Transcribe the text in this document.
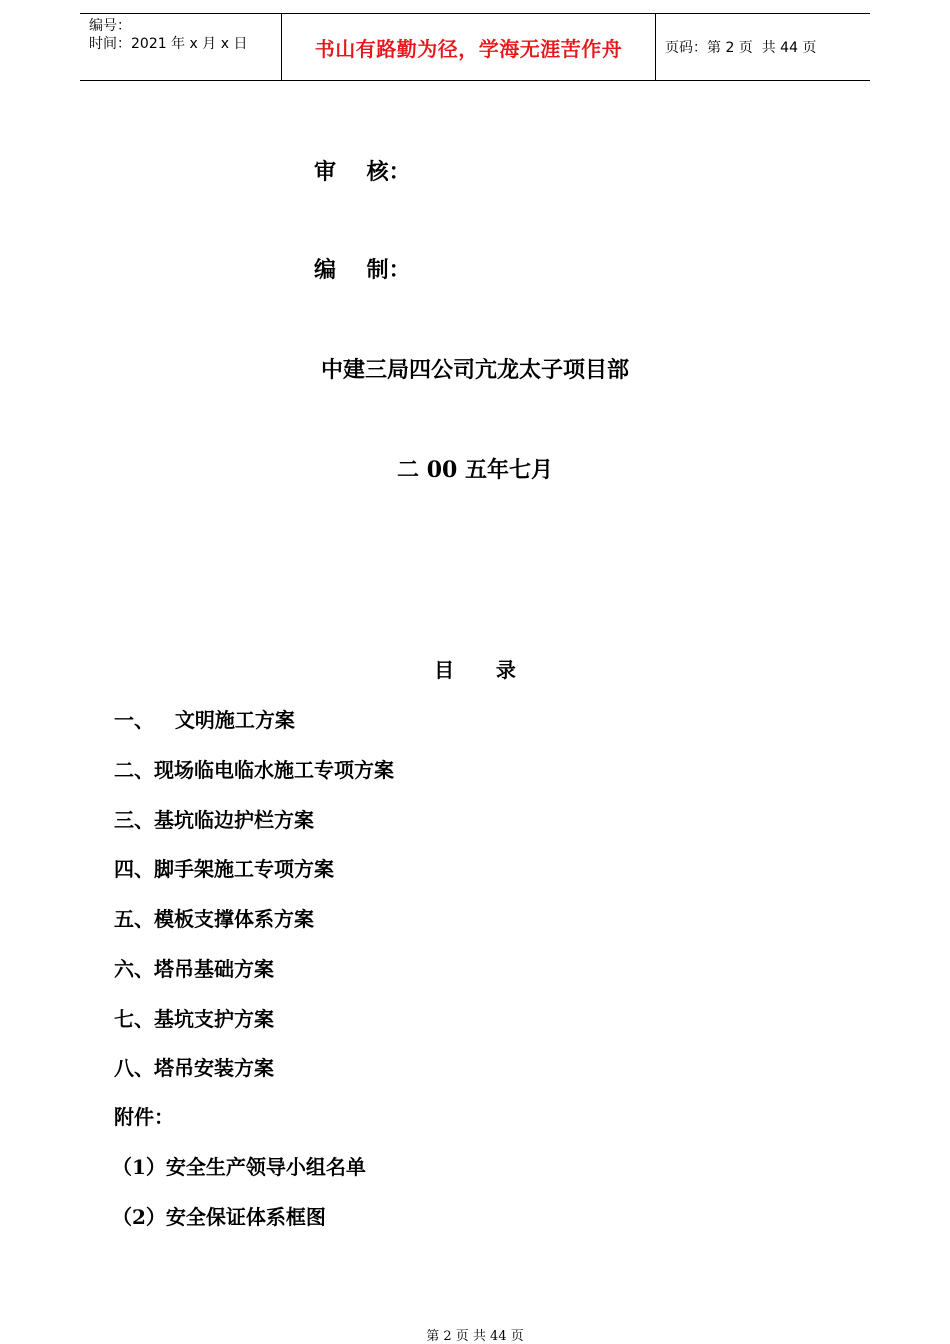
编号：
时间：2021 年 x 月 x 日	书山有路勤为径，学海无涯苦作舟	页码：第 2 页  共 44 页
审    核：
编    制：
中建三局四公司亢龙太子项目部
二 00 五年七月
目      录
一、   文明施工方案
二、现场临电临水施工专项方案
三、基坑临边护栏方案
四、脚手架施工专项方案
五、模板支撑体系方案
六、塔吊基础方案
七、基坑支护方案
八、塔吊安装方案
附件：
（1）安全生产领导小组名单
（2）安全保证体系框图
第 2 页 共 44 页
